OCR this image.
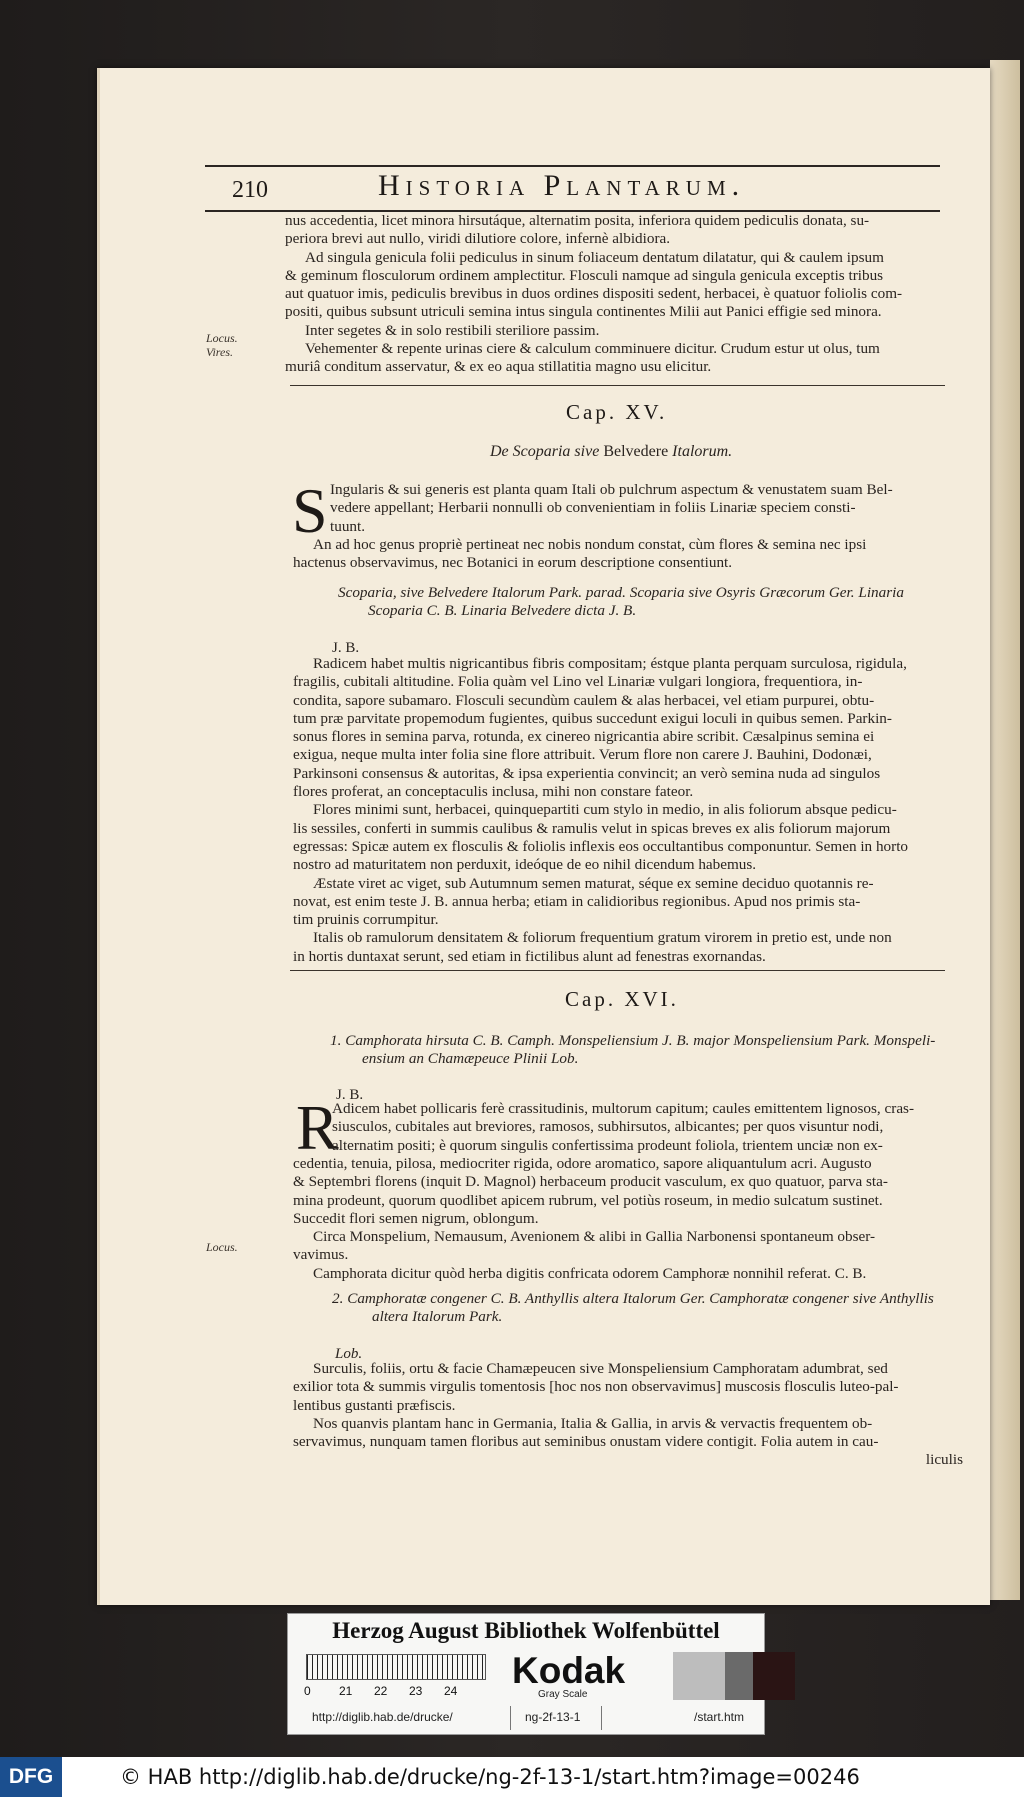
210	Historia Plantarum.
nus accedentia, licet minora hirsutáque, alternatim posita, inferiora quidem pediculis donata, su-
periora brevi aut nullo, viridi dilutiore colore, infernè albidiora.
Ad singula genicula folii pediculus in sinum foliaceum dentatum dilatatur, qui & caulem ipsum
& geminum flosculorum ordinem amplectitur. Flosculi namque ad singula genicula exceptis tribus
aut quatuor imis, pediculis brevibus in duos ordines dispositi sedent, herbacei, è quatuor foliolis com-
positi, quibus subsunt utriculi semina intus singula continentes Milii aut Panici effigie sed minora.
Inter segetes & in solo restibili steriliore passim.
Vehementer & repente urinas ciere & calculum comminuere dicitur. Crudum estur ut olus, tum
muriâ conditum asservatur, & ex eo aqua stillatitia magno usu elicitur.
Locus.
Vires.
Cap. XV.
De Scoparia sive Belvedere Italorum.
S Ingularis & sui generis est planta quam Itali ob pulchrum aspectum & venustatem suam Bel-
vedere appellant; Herbarii nonnulli ob convenientiam in foliis Linariæ speciem consti-
tuunt.
An ad hoc genus propriè pertineat nec nobis nondum constat, cùm flores & semina nec ipsi
hactenus observavimus, nec Botanici in eorum descriptione consentiunt.
Scoparia, sive Belvedere Italorum Park. parad. Scoparia sive Osyris Græcorum Ger. Linaria
Scoparia C. B. Linaria Belvedere dicta J. B.
J. B.
Radicem habet multis nigricantibus fibris compositam; éstque planta perquam surculosa, rigidula,
fragilis, cubitali altitudine. Folia quàm vel Lino vel Linariæ vulgari longiora, frequentiora, in-
condita, sapore subamaro. Flosculi secundùm caulem & alas herbacei, vel etiam purpurei, obtu-
tum præ parvitate propemodum fugientes, quibus succedunt exigui loculi in quibus semen. Parkin-
sonus flores in semina parva, rotunda, ex cinereo nigricantia abire scribit. Cæsalpinus semina ei
exigua, neque multa inter folia sine flore attribuit. Verum flore non carere J. Bauhini, Dodonæi,
Parkinsoni consensus & autoritas, & ipsa experientia convincit; an verò semina nuda ad singulos
flores proferat, an conceptaculis inclusa, mihi non constare fateor.
Flores minimi sunt, herbacei, quinquepartiti cum stylo in medio, in alis foliorum absque pedicu-
lis sessiles, conferti in summis caulibus & ramulis velut in spicas breves ex alis foliorum majorum
egressas: Spicæ autem ex flosculis & foliolis inflexis eos occultantibus componuntur. Semen in horto
nostro ad maturitatem non perduxit, ideóque de eo nihil dicendum habemus.
Æstate viret ac viget, sub Autumnum semen maturat, séque ex semine deciduo quotannis re-
novat, est enim teste J. B. annua herba; etiam in calidioribus regionibus. Apud nos primis sta-
tim pruinis corrumpitur.
Italis ob ramulorum densitatem & foliorum frequentium gratum virorem in pretio est, unde non
in hortis duntaxat serunt, sed etiam in fictilibus alunt ad fenestras exornandas.
Cap. XVI.
1. Camphorata hirsuta C. B. Camph. Monspeliensium J. B. major Monspeliensium Park. Monspeli-
ensium an Chamæpeuce Plinii Lob.
J. B.
R
Adicem habet pollicaris ferè crassitudinis, multorum capitum; caules emittentem lignosos, cras-
siusculos, cubitales aut breviores, ramosos, subhirsutos, albicantes; per quos visuntur nodi,
alternatim positi; è quorum singulis confertissima prodeunt foliola, trientem unciæ non ex-
cedentia, tenuia, pilosa, mediocriter rigida, odore aromatico, sapore aliquantulum acri. Augusto
& Septembri florens (inquit D. Magnol) herbaceum producit vasculum, ex quo quatuor, parva sta-
mina prodeunt, quorum quodlibet apicem rubrum, vel potiùs roseum, in medio sulcatum sustinet.
Succedit flori semen nigrum, oblongum.
Circa Monspelium, Nemausum, Avenionem & alibi in Gallia Narbonensi spontaneum obser-
vavimus.
Camphorata dicitur quòd herba digitis confricata odorem Camphoræ nonnihil referat. C. B.
Locus.
2. Camphoratæ congener C. B. Anthyllis altera Italorum Ger. Camphoratæ congener sive Anthyllis
altera Italorum Park.
Lob.
Surculis, foliis, ortu & facie Chamæpeucen sive Monspeliensium Camphoratam adumbrat, sed
exilior tota & summis virgulis tomentosis [hoc nos non observavimus] muscosis flosculis luteo-pal-
lentibus gustanti præfiscis.
Nos quanvis plantam hanc in Germania, Italia & Gallia, in arvis & vervactis frequentem ob-
servavimus, nunquam tamen floribus aut seminibus onustam videre contigit. Folia autem in cau-
liculis
Herzog August Bibliothek Wolfenbüttel
0 21 22 23 24	Kodak
Gray Scale
http://diglib.hab.de/drucke/	ng-2f-13-1	/start.htm
DFG	© HAB http://diglib.hab.de/drucke/ng-2f-13-1/start.htm?image=00246
